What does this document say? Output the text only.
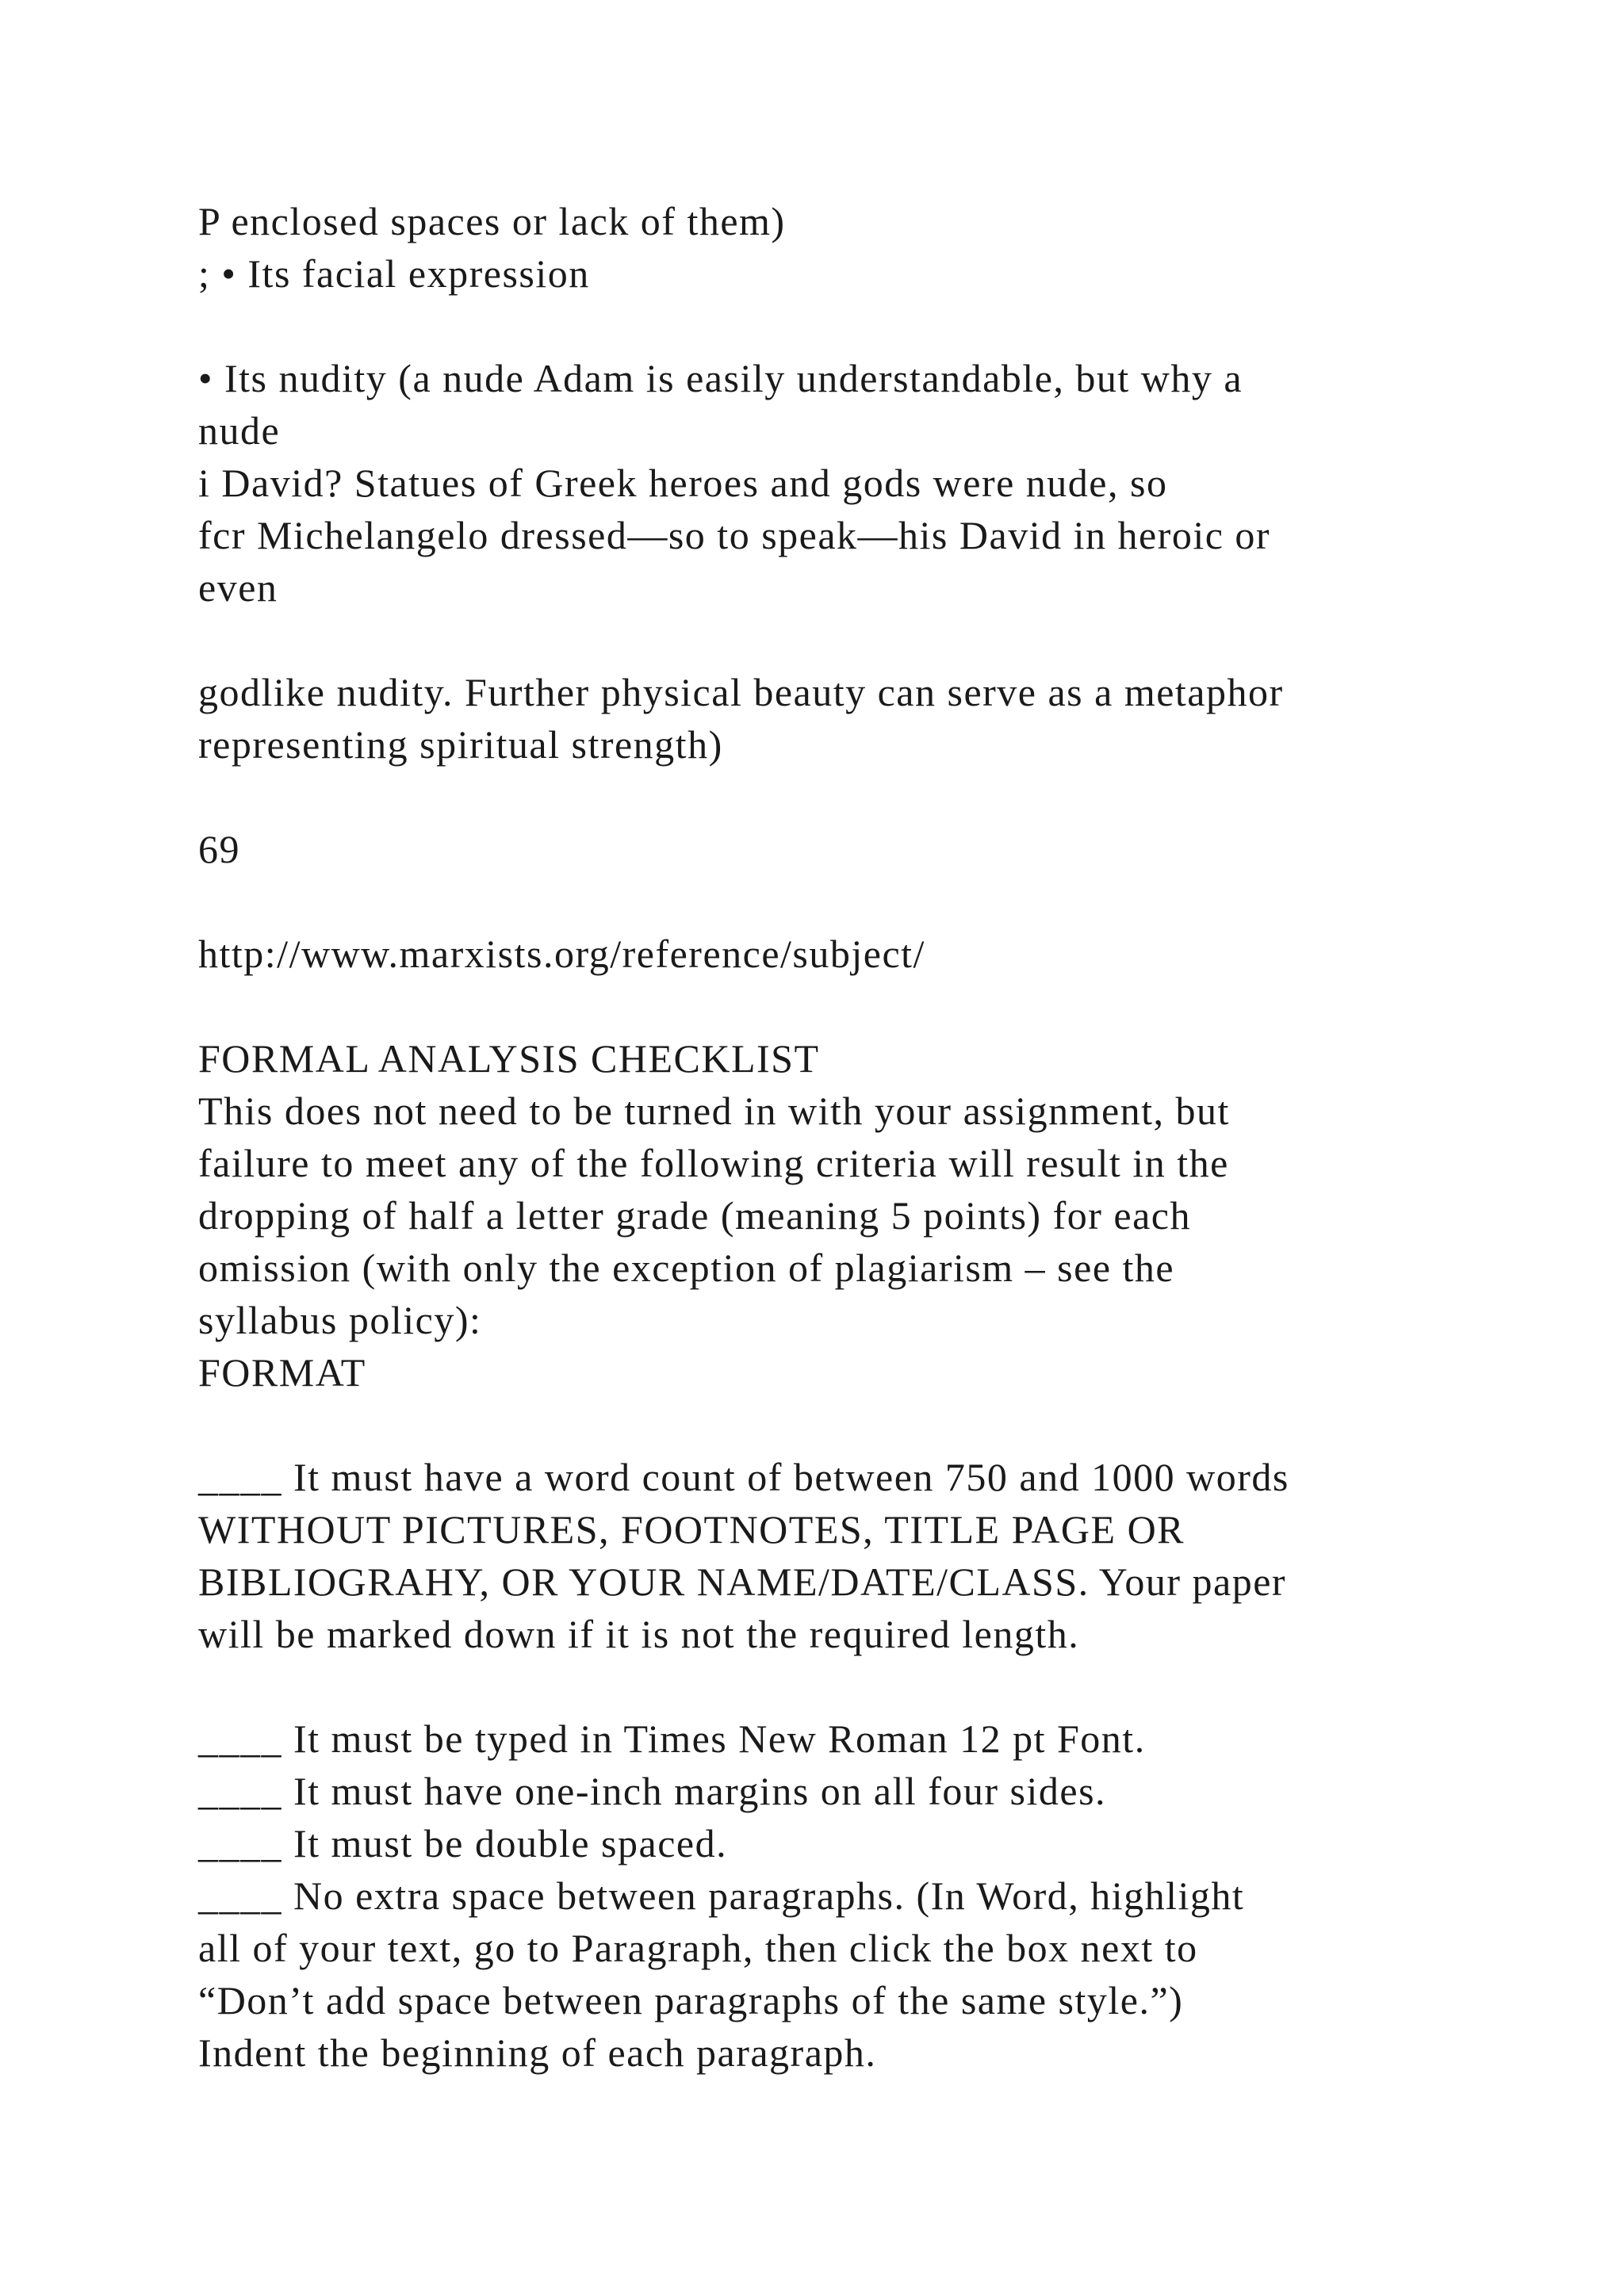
P enclosed spaces or lack of them)
; • Its facial expression
• Its nudity (a nude Adam is easily understandable, but why a
nude
i David? Statues of Greek heroes and gods were nude, so
fcr Michelangelo dressed—so to speak—his David in heroic or
even
godlike nudity. Further physical beauty can serve as a metaphor
representing spiritual strength)
69
http://www.marxists.org/reference/subject/
FORMAL ANALYSIS CHECKLIST
This does not need to be turned in with your assignment, but
failure to meet any of the following criteria will result in the
dropping of half a letter grade (meaning 5 points) for each
omission (with only the exception of plagiarism – see the
syllabus policy):
FORMAT
____ It must have a word count of between 750 and 1000 words
WITHOUT PICTURES, FOOTNOTES, TITLE PAGE OR
BIBLIOGRAHY, OR YOUR NAME/DATE/CLASS. Your paper
will be marked down if it is not the required length.
____ It must be typed in Times New Roman 12 pt Font.
____ It must have one-inch margins on all four sides.
____ It must be double spaced.
____ No extra space between paragraphs. (In Word, highlight
all of your text, go to Paragraph, then click the box next to
“Don’t add space between paragraphs of the same style.”)
Indent the beginning of each paragraph.
